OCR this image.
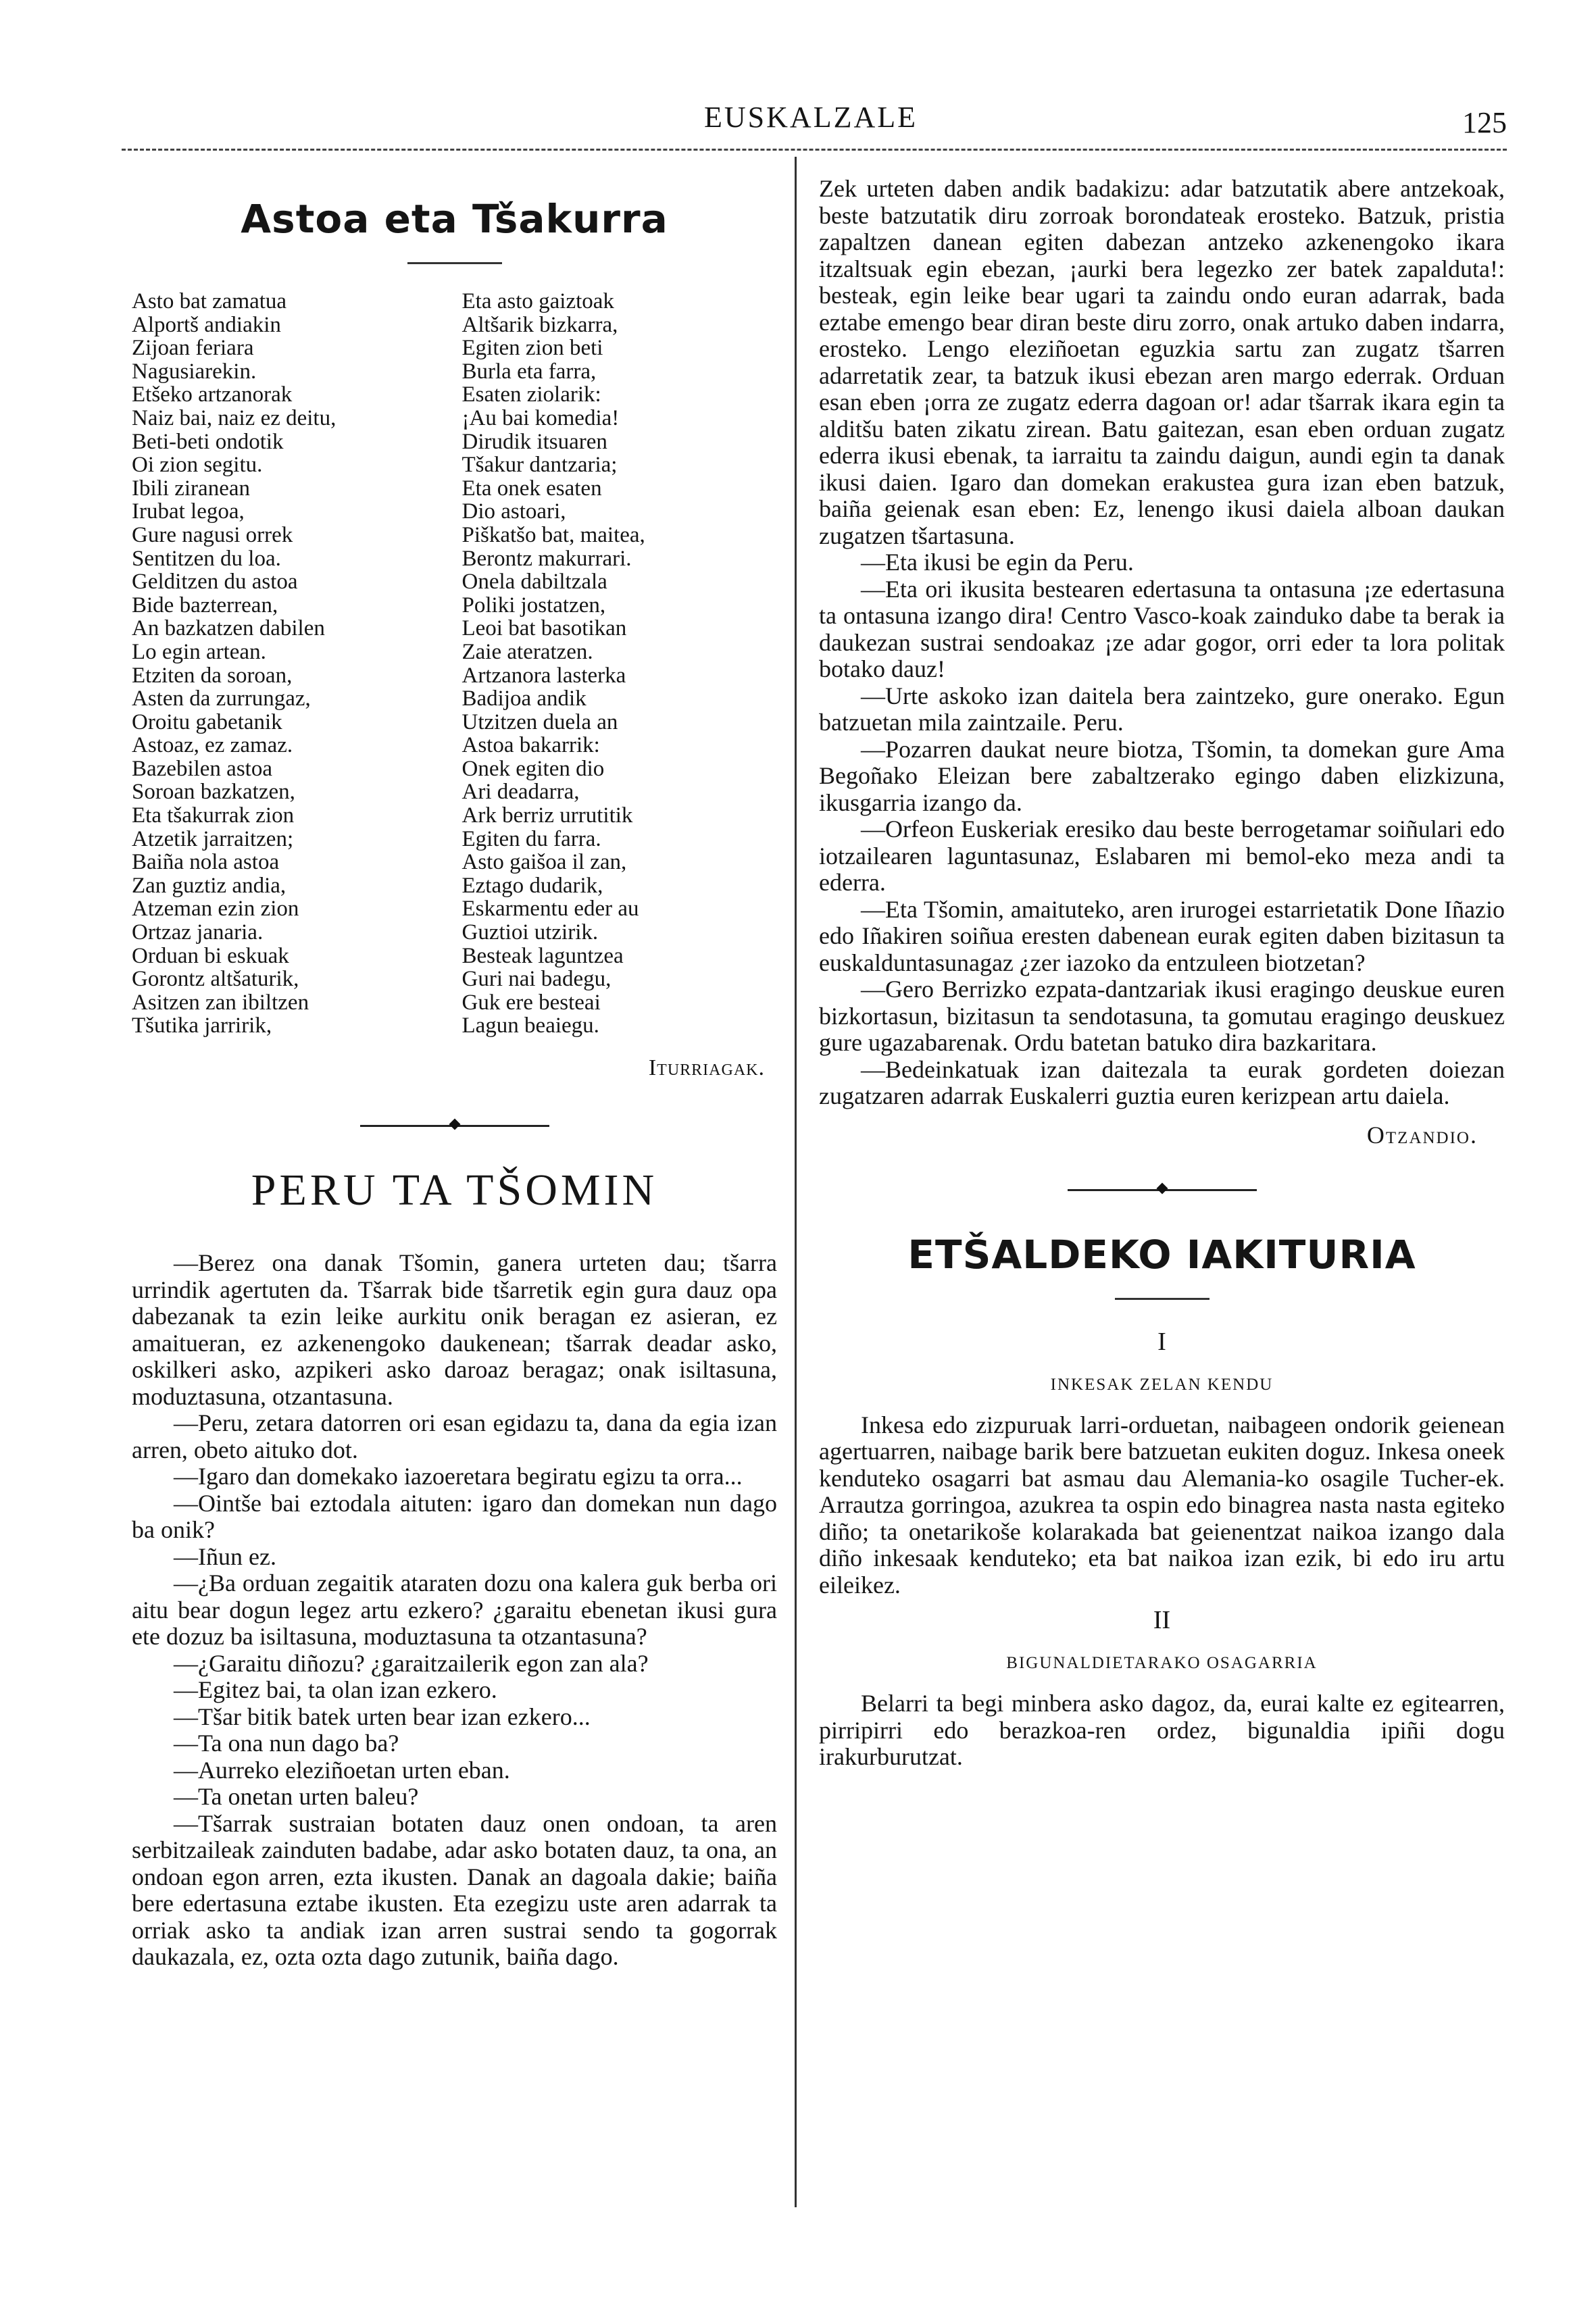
EUSKALZALE	125
Astoa eta Tšakurra
Asto bat zamatua
Alportš andiakin
Zijoan feriara
Nagusiarekin.
Etšeko artzanorak
Naiz bai, naiz ez deitu,
Beti-beti ondotik
Oi zion segitu.
Ibili ziranean
Irubat legoa,
Gure nagusi orrek
Sentitzen du loa.
Gelditzen du astoa
Bide bazterrean,
An bazkatzen dabilen
Lo egin artean.
Etziten da soroan,
Asten da zurrungaz,
Oroitu gabetanik
Astoaz, ez zamaz.
Bazebilen astoa
Soroan bazkatzen,
Eta tšakurrak zion
Atzetik jarraitzen;
Baiña nola astoa
Zan guztiz andia,
Atzeman ezin zion
Ortzaz janaria.
Orduan bi eskuak
Gorontz altšaturik,
Asitzen zan ibiltzen
Tšutika jarririk,
Eta asto gaiztoak
Altšarik bizkarra,
Egiten zion beti
Burla eta farra,
Esaten ziolarik:
¡Au bai komedia!
Dirudik itsuaren
Tšakur dantzaria;
Eta onek esaten
Dio astoari,
Piškatšo bat, maitea,
Berontz makurrari.
Onela dabiltzala
Poliki jostatzen,
Leoi bat basotikan
Zaie ateratzen.
Artzanora lasterka
Badijoa andik
Utzitzen duela an
Astoa bakarrik:
Onek egiten dio
Ari deadarra,
Ark berriz urrutitik
Egiten du farra.
Asto gaišoa il zan,
Eztago dudarik,
Eskarmentu eder au
Guztioi utzirik.
Besteak laguntzea
Guri nai badegu,
Guk ere besteai
Lagun beaiegu.
Iturriagak.
PERU TA TŠOMIN

—Berez ona danak Tšomin, ganera urteten dau; tšarra urrindik agertuten da. Tšarrak bide tšarretik egin gura dauz opa dabezanak ta ezin leike aurkitu onik beragan ez asieran, ez amaitueran, ez azkenengoko daukenean; tšarrak deadar asko, oskilkeri asko, azpikeri asko daroaz beragaz; onak isiltasuna, moduztasuna, otzantasuna.

—Peru, zetara datorren ori esan egidazu ta, dana da egia izan arren, obeto aituko dot.

—Igaro dan domekako iazoeretara begiratu egizu ta orra...

—Ointše bai eztodala aituten: igaro dan domekan nun dago ba onik?

—Iñun ez.

—¿Ba orduan zegaitik ataraten dozu ona kalera guk berba ori aitu bear dogun legez artu ezkero? ¿garaitu ebenetan ikusi gura ete dozuz ba isiltasuna, moduztasuna ta otzantasuna?

—¿Garaitu diñozu? ¿garaitzailerik egon zan ala?

—Egitez bai, ta olan izan ezkero.

—Tšar bitik batek urten bear izan ezkero...

—Ta ona nun dago ba?

—Aurreko eleziñoetan urten eban.

—Ta onetan urten baleu?

—Tšarrak sustraian botaten dauz onen ondoan, ta aren serbitzaileak zainduten badabe, adar asko botaten dauz, ta ona, an ondoan egon arren, ezta ikusten. Danak an dagoala dakie; baiña bere edertasuna eztabe ikusten. Eta ezegizu uste aren adarrak ta orriak asko ta andiak izan arren sustrai sendo ta gogorrak daukazala, ez, ozta ozta dago zutunik, baiña dago.

Zek urteten daben andik badakizu: adar batzutatik abere antzekoak, beste batzutatik diru zorroak borondateak erosteko. Batzuk, pristia zapaltzen danean egiten dabezan antzeko azkenengoko ikara itzaltsuak egin ebezan, ¡aurki bera legezko zer batek zapalduta!: besteak, egin leike bear ugari ta zaindu ondo euran adarrak, bada eztabe emengo bear diran beste diru zorro, onak artuko daben indarra, erosteko. Lengo eleziñoetan eguzkia sartu zan zugatz tšarren adarretatik zear, ta batzuk ikusi ebezan aren margo ederrak. Orduan esan eben ¡orra ze zugatz ederra dagoan or! adar tšarrak ikara egin ta alditšu baten zikatu zirean. Batu gaitezan, esan eben orduan zugatz ederra ikusi ebenak, ta iarraitu ta zaindu daigun, aundi egin ta danak ikusi daien. Igaro dan domekan erakustea gura izan eben batzuk, baiña geienak esan eben: Ez, lenengo ikusi daiela alboan daukan zugatzen tšartasuna.

—Eta ikusi be egin da Peru.

—Eta ori ikusita bestearen edertasuna ta ontasuna ¡ze edertasuna ta ontasuna izango dira! Centro Vasco-koak zainduko dabe ta berak ia daukezan sustrai sendoakaz ¡ze adar gogor, orri eder ta lora politak botako dauz!

—Urte askoko izan daitela bera zaintzeko, gure onerako. Egun batzuetan mila zaintzaile. Peru.

—Pozarren daukat neure biotza, Tšomin, ta domekan gure Ama Begoñako Eleizan bere zabaltzerako egingo daben elizkizuna, ikusgarria izango da.

—Orfeon Euskeriak eresiko dau beste berrogetamar soiñulari edo iotzailearen laguntasunaz, Eslabaren mi bemol-eko meza andi ta ederra.

—Eta Tšomin, amaituteko, aren irurogei estarrietatik Done Iñazio edo Iñakiren soiñua eresten dabenean eurak egiten daben bizitasun ta euskalduntasunagaz ¿zer iazoko da entzuleen biotzetan?

—Gero Berrizko ezpata-dantzariak ikusi eragingo deuskue euren bizkortasun, bizitasun ta sendotasuna, ta gomutau eragingo deuskuez gure ugazabarenak. Ordu batetan batuko dira bazkaritara.

—Bedeinkatuak izan daitezala ta eurak gordeten doiezan zugatzaren adarrak Euskalerri guztia euren kerizpean artu daiela.

Otzandio.
ETŠALDEKO IAKITURIA
I
INKESAK ZELAN KENDU

Inkesa edo zizpuruak larri-orduetan, naibageen ondorik geienean agertuarren, naibage barik bere batzuetan eukiten doguz. Inkesa oneek kenduteko osagarri bat asmau dau Alemania-ko osagile Tucher-ek. Arrautza gorringoa, azukrea ta ospin edo binagrea nasta nasta egiteko diño; ta onetarikoše kolarakada bat geienentzat naikoa izango dala diño inkesaak kenduteko; eta bat naikoa izan ezik, bi edo iru artu eileikez.

II
BIGUNALDIETARAKO OSAGARRIA

Belarri ta begi minbera asko dagoz, da, eurai kalte ez egitearren, pirripirri edo berazkoa-ren ordez, bigunaldia ipiñi dogu irakurburutzat.
